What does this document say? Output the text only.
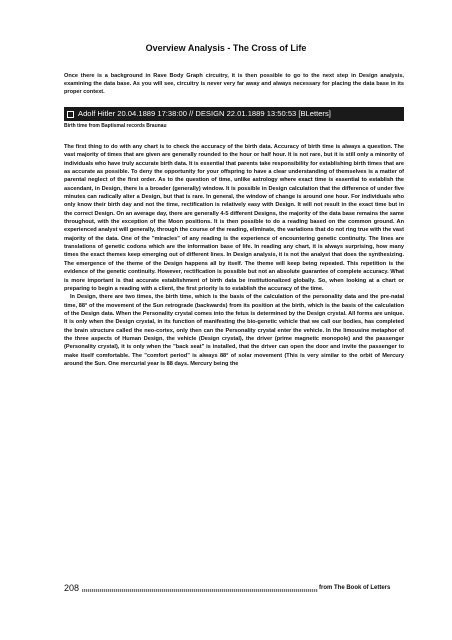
Overview Analysis - The Cross of Life
Once there is a background in Rave Body Graph circuitry, it is then possible to go to the next step in Design analysis, examining the data base. As you will see, circuitry is never very far away and always necessary for placing the data base in its proper context.
Adolf Hitler 20.04.1889 17:38:00 // DESIGN 22.01.1889 13:50:53 [BLetters]
Birth time from Baptismal records Braunau

The first thing to do with any chart is to check the accuracy of the birth data. Accuracy of birth time is always a question. The vast majority of times that are given are generally rounded to the hour or half hour. It is not rare, but it is still only a minority of individuals who have truly accurate birth data. It is essential that parents take responsibility for establishing birth times that are as accurate as possible. To deny the opportunity for your offspring to have a clear understanding of themselves is a matter of parental neglect of the first order. As to the question of time, unlike astrology where exact time is essential to establish the ascendant, in Design, there is a broader (generally) window. It is possible in Design calculation that the difference of under five minutes can radically alter a Design, but that is rare. In general, the window of change is around one hour. For individuals who only know their birth day and not the time, rectification is relatively easy with Design. It will not result in the exact time but in the correct Design. On an average day, there are generally 4-5 different Designs, the majority of the data base remains the same throughout, with the exception of the Moon positions. It is then possible to do a reading based on the common ground. An experienced analyst will generally, through the course of the reading, eliminate, the variations that do not ring true with the vast majority of the data. One of the "miracles" of any reading is the experience of encountering genetic continuity. The lines are translations of genetic codons which are the information base of life. In reading any chart, it is always surprising, how many times the exact themes keep emerging out of different lines. In Design analysis, it is not the analyst that does the synthesizing. The emergence of the theme of the Design happens all by itself. The theme will keep being repeated. This repetition is the evidence of the genetic continuity. However, rectification is possible but not an absolute guarantee of complete accuracy. What is more important is that accurate establishment of birth data be institutionalized globally. So, when looking at a chart or preparing to begin a reading with a client, the first priority is to establish the accuracy of the time.

In Design, there are two times, the birth time, which is the basis of the calculation of the personality data and the pre-natal time, 88° of the movement of the Sun retrograde (backwards) from its position at the birth, which is the basis of the calculation of the Design data. When the Personality crystal comes into the fetus is determined by the Design crystal. All forms are unique. It is only when the Design crystal, in its function of manifesting the bio-genetic vehicle that we call our bodies, has completed the brain structure called the neo-cortex, only then can the Personality crystal enter the vehicle. In the limousine metaphor of the three aspects of Human Design, the vehicle (Design crystal), the driver (prime magnetic monopole) and the passenger (Personality crystal), it is only when the "back seat" is installed, that the driver can open the door and invite the passenger to make itself comfortable. The "comfort period" is always 88° of solar movement (This is very similar to the orbit of Mercury around the Sun. One mercurial year is 88 days. Mercury being the

208	from The Book of Letters
